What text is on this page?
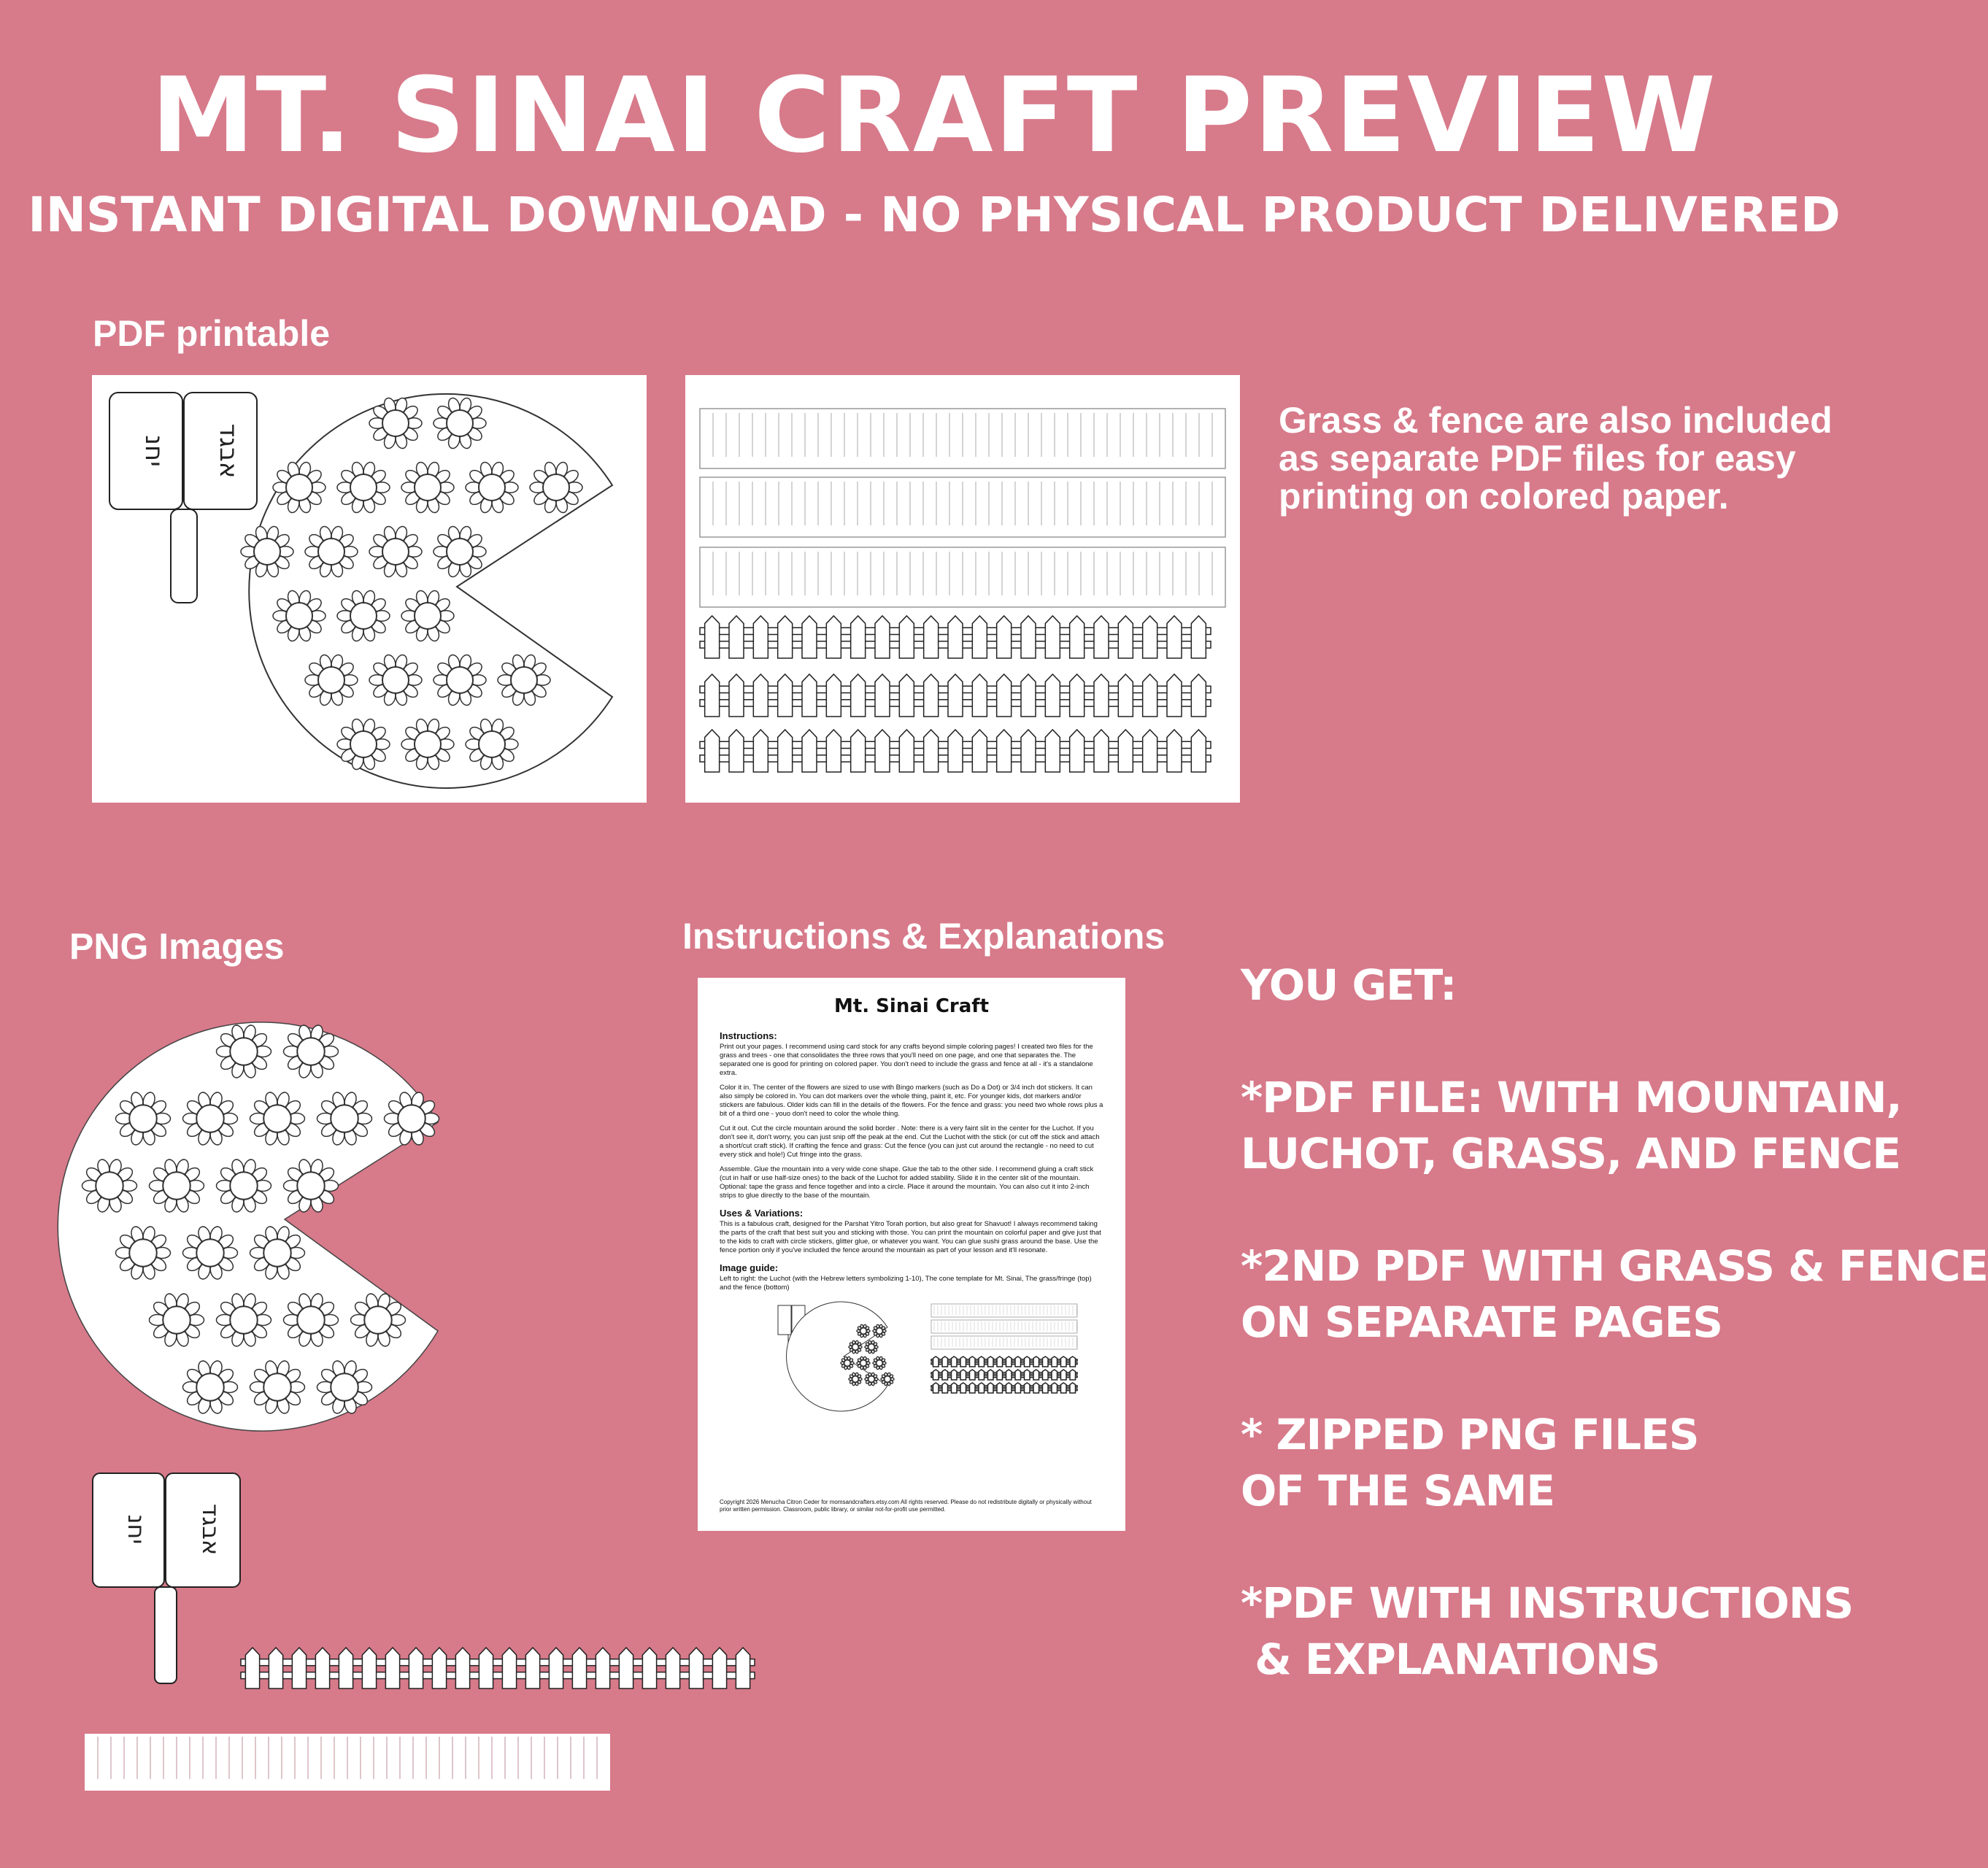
MT. SINAI CRAFT PREVIEW
INSTANT DIGITAL DOWNLOAD - NO PHYSICAL PRODUCT DELIVERED
PDF printable
PNG Images	Instructions & Explanations
Grass & fence are also included as separate PDF files for easy printing on colored paper.
יחנ אבגד
יחנ אבגד
Mt. Sinai Craft
Instructions:

Print out your pages. I recommend using card stock for any crafts beyond simple coloring pages! I created two files for the grass and trees - one that consolidates the three rows that you'll need on one page, and one that separates the. The separated one is good for printing on colored paper. You don't need to include the grass and fence at all - it's a standalone extra.

Color it in. The center of the flowers are sized to use with Bingo markers (such as Do a Dot) or 3/4 inch dot stickers. It can also simply be colored in. You can dot markers over the whole thing, paint it, etc. For younger kids, dot markers and/or stickers are fabulous. Older kids can fill in the details of the flowers. For the fence and grass: you need two whole rows plus a bit of a third one - youo don't need to color the whole thing.

Cut it out. Cut the circle mountain around the solid border . Note: there is a very faint slit in the center for the Luchot. If you don't see it, don't worry, you can just snip off the peak at the end. Cut the Luchot with the stick (or cut off the stick and attach a short/cut craft stick). If crafting the fence and grass: Cut the fence (you can just cut around the rectangle - no need to cut every stick and hole!) Cut fringe into the grass.

Assemble. Glue the mountain into a very wide cone shape. Glue the tab to the other side. I recommend gluing a craft stick (cut in half or use half-size ones) to the back of the Luchot for added stability. Slide it in the center slit of the mountain. Optional: tape the grass and fence together and into a circle. Place it around the mountain. You can also cut it into 2-inch strips to glue directly to the base of the mountain.

Uses & Variations:

This is a fabulous craft, designed for the Parshat Yitro Torah portion, but also great for Shavuot! I always recommend taking the parts of the craft that best suit you and sticking with those. You can print the mountain on colorful paper and give just that to the kids to craft with circle stickers, glitter glue, or whatever you want. You can glue sushi grass around the base. Use the fence portion only if you've included the fence around the mountain as part of your lesson and it'll resonate.

Image guide:

Left to right: the Luchot (with the Hebrew letters symbolizing 1-10), The cone template for Mt. Sinai, The grass/fringe (top) and the fence (bottom)

Copyright 2026 Menucha Citron Ceder for momsandcrafters.etsy.com All rights reserved. Please do not redistribute digitally or physically without prior written permission. Classroom, public library, or similar not-for-profit use permitted.
YOU GET:

*PDF FILE: WITH MOUNTAIN,
LUCHOT, GRASS, AND FENCE

*2ND PDF WITH GRASS & FENCE
ON SEPARATE PAGES

* ZIPPED PNG FILES
OF THE SAME

*PDF WITH INSTRUCTIONS
& EXPLANATIONS
